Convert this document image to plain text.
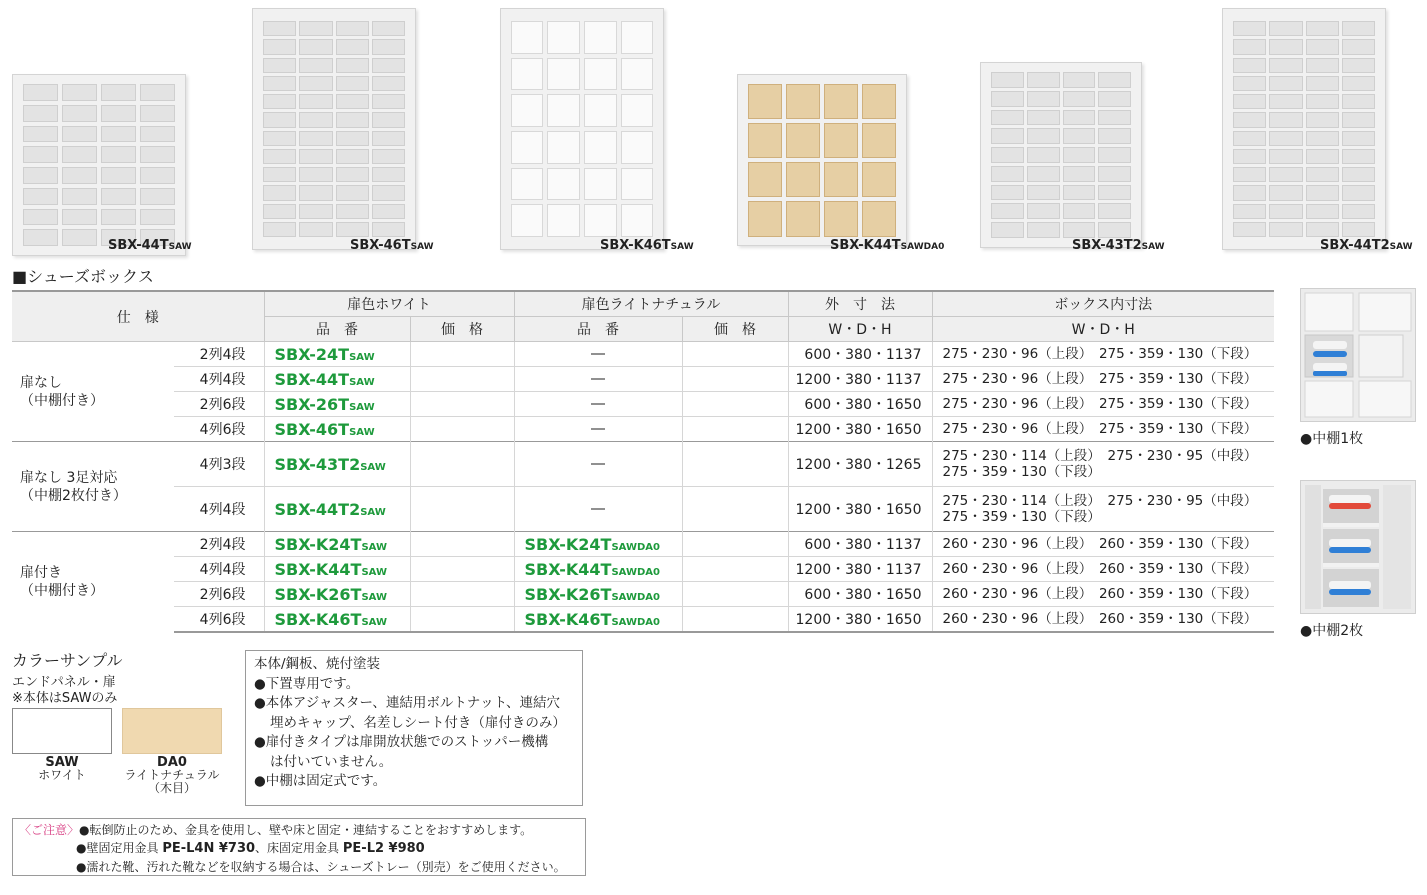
SBX-44TSAW	SBX-46TSAW	SBX-K46TSAW	SBX-K44TSAWDA0	SBX-43T2SAW	SBX-44T2SAW
■シューズボックス
仕　様		扉色ホワイト		扉色ライトナチュラル		外　寸　法	ボックス内寸法
		品　番	価　格	品　番	価　格	W・D・H	W・D・H
扉なし
（中棚付き）	2列4段	SBX-24TSAW		―		600・380・1137	275・230・96（上段）　275・359・130（下段）
	4列4段	SBX-44TSAW		―		1200・380・1137	275・230・96（上段）　275・359・130（下段）
	2列6段	SBX-26TSAW		―		600・380・1650	275・230・96（上段）　275・359・130（下段）
	4列6段	SBX-46TSAW		―		1200・380・1650	275・230・96（上段）　275・359・130（下段）
扉なし 3足対応
（中棚2枚付き）	4列3段	SBX-43T2SAW		―		1200・380・1265	275・230・114（上段）　275・230・95（中段）
275・359・130（下段）
	4列4段	SBX-44T2SAW		―		1200・380・1650	275・230・114（上段）　275・230・95（中段）
275・359・130（下段）
扉付き
（中棚付き）	2列4段	SBX-K24TSAW		SBX-K24TSAWDA0		600・380・1137	260・230・96（上段）　260・359・130（下段）
	4列4段	SBX-K44TSAW		SBX-K44TSAWDA0		1200・380・1137	260・230・96（上段）　260・359・130（下段）
	2列6段	SBX-K26TSAW		SBX-K26TSAWDA0		600・380・1650	260・230・96（上段）　260・359・130（下段）
	4列6段	SBX-K46TSAW		SBX-K46TSAWDA0		1200・380・1650	260・230・96（上段）　260・359・130（下段）
●中棚1枚
●中棚2枚
カラーサンプル
エンドパネル・扉
※本体はSAWのみ
SAW
ホワイト
DA0
ライトナチュラル
（木目）
本体/鋼板、焼付塗装
●下置専用です。
●本体アジャスター、連結用ボルトナット、連結穴
埋めキャップ、名差しシート付き（扉付きのみ）
●扉付きタイプは扉開放状態でのストッパー機構
は付いていません。
●中棚は固定式です。
〈ご注意〉●転倒防止のため、金具を使用し、壁や床と固定・連結することをおすすめします。
●壁固定用金具 PE-L4N ¥730、床固定用金具 PE-L2 ¥980
●濡れた靴、汚れた靴などを収納する場合は、シューズトレー（別売）をご使用ください。
